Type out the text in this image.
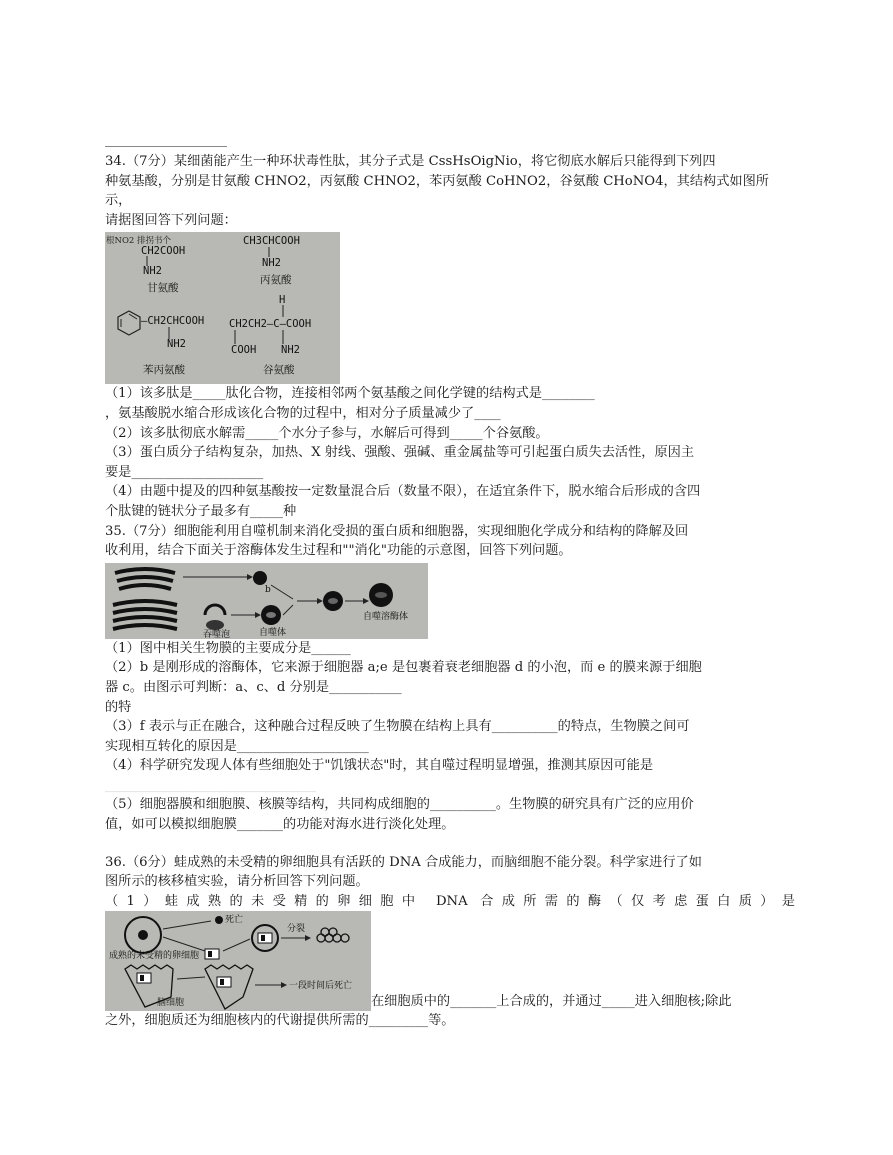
34.（7分）某细菌能产生一种环状毒性肽，其分子式是 CssHsOigNio，将它彻底水解后只能得到下列四

种氨基酸，分别是甘氨酸 CHNO2，丙氨酸 CHNO2，苯丙氨酸 CoHNO2，谷氨酸 CHoNO4，其结构式如图所示，

请据图回答下列问题：

根NO2 排拐书个
CH2COOH
NH2
甘氨酸
CH3CHCOOH
NH2
丙氨酸
—CH2CHCOOH
NH2
苯丙氨酸
H
CH2CH2—C—COOH
COOH NH2
谷氨酸

（1）该多肽是_____肽化合物，连接相邻两个氨基酸之间化学键的结构式是________

，氨基酸脱水缩合形成该化合物的过程中，相对分子质量减少了____

（2）该多肽彻底水解需_____个水分子参与，水解后可得到_____个谷氨酸。

（3）蛋白质分子结构复杂，加热、X 射线、强酸、强碱、重金属盐等可引起蛋白质失去活性，原因主

要是____________________

（4）由题中提及的四种氨基酸按一定数量混合后（数量不限），在适宜条件下，脱水缩合后形成的含四

个肽键的链状分子最多有_____种

35.（7分）细胞能利用自噬机制来消化受损的蛋白质和细胞器，实现细胞化学成分和结构的降解及回

收利用，结合下面关于溶酶体发生过程和""消化"功能的示意图，回答下列问题。

b
自噬体
吞噬泡
自噬溶酶体

（1）图中相关生物膜的主要成分是______

（2）b 是刚形成的溶酶体，它来源于细胞器 a;e 是包裹着衰老细胞器 d 的小泡，而 e 的膜来源于细胞

器 c。由图示可判断：a、c、d 分别是___________

的特

（3）f 表示与正在融合，这种融合过程反映了生物膜在结构上具有__________的特点，生物膜之间可

实现相互转化的原因是____________________

（4）科学研究发现人体有些细胞处于"饥饿状态"时，其自噬过程明显增强，推测其原因可能是

________________________________

（5）细胞器膜和细胞膜、核膜等结构，共同构成细胞的__________。生物膜的研究具有广泛的应用价

值，如可以模拟细胞膜_______的功能对海水进行淡化处理。

36.（6分）蛙成熟的未受精的卵细胞具有活跃的 DNA 合成能力，而脑细胞不能分裂。科学家进行了如

图所示的核移植实验，请分析回答下列问题。

（1）蛙成熟的未受精的卵细胞中 DNA 合成所需的酶（仅考虑蛋白质）是

死亡
成熟的未受精的卵细胞
分裂
脑细胞
一段时间后死亡
在细胞质中的_______上合成的，并通过_____进入细胞核;除此

之外，细胞质还为细胞核内的代谢提供所需的_________等。
